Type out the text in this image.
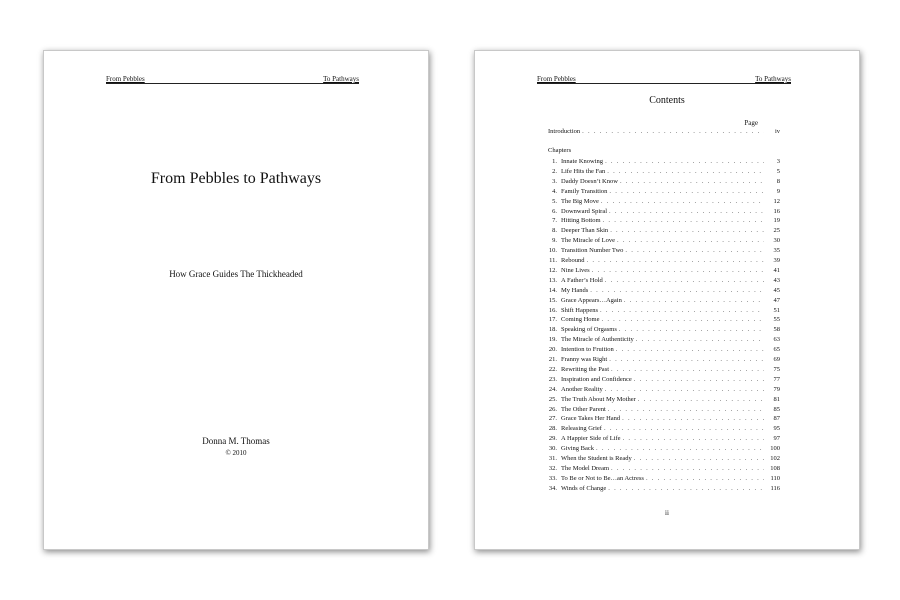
From Pebbles	To Pathways
From Pebbles to Pathways
How Grace Guides The Thickheaded
Donna M. Thomas
© 2010
From Pebbles	To Pathways
Contents
Page
Introduction . . .	iv
Chapters
1. Innate Knowing . . .	3
2. Life Hits the Fan . . .	5
3. Daddy Doesn’t Know . . .	8
4. Family Transition . . .	9
5. The Big Move . . .	12
6. Downward Spiral . . .	16
7. Hitting Bottom . . .	19
8. Deeper Than Skin . . .	25
9. The Miracle of Love . . .	30
10. Transition Number Two . . .	35
11. Rebound . . .	39
12. Nine Lives . . .	41
13. A Father’s Hold . . .	43
14. My Hands . . .	45
15. Grace Appears…Again . . .	47
16. Shift Happens . . .	51
17. Coming Home . . .	55
18. Speaking of Orgasms . . .	58
19. The Miracle of Authenticity . . .	63
20. Intention to Fruition . . .	65
21. Franny was Right . . .	69
22. Rewriting the Past . . .	75
23. Inspiration and Confidence . . .	77
24. Another Reality . . .	79
25. The Truth About My Mother . . .	81
26. The Other Parent . . .	85
27. Grace Takes Her Hand . . .	87
28. Releasing Grief . . .	95
29. A Happier Side of Life . . .	97
30. Giving Back . . .	100
31. When the Student is Ready . . .	102
32. The Model Dream . . .	108
33. To Be or Not to Be…an Actress . . .	110
34. Winds of Change . . .	116
ii
